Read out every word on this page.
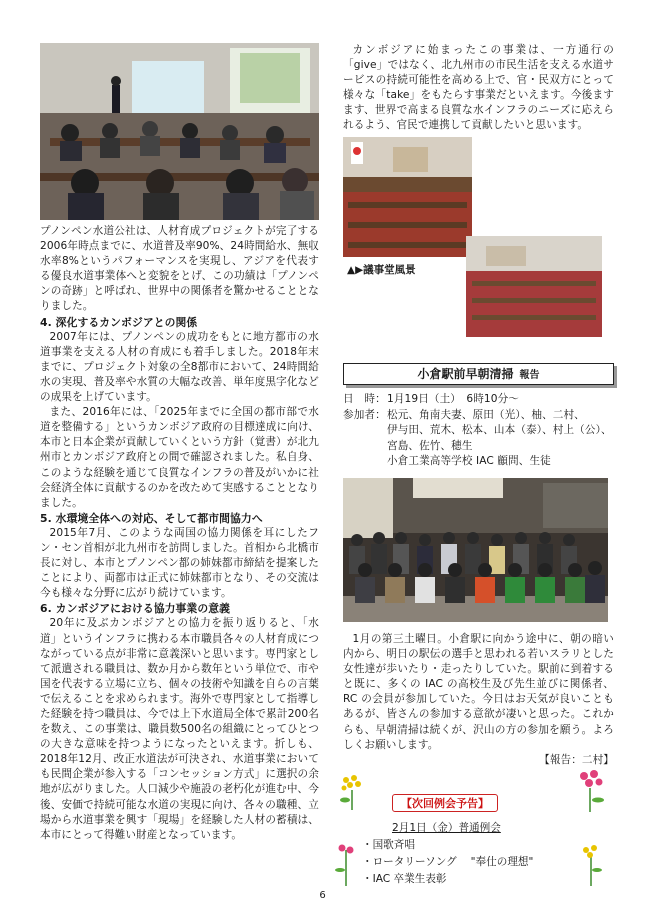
プノンペン水道公社は、人材育成プロジェクトが完了する2006年時点までに、水道普及率90%、24時間給水、無収水率8%というパフォーマンスを実現し、アジアを代表する優良水道事業体へと変貌をとげ、この功績は「プノンペンの奇跡」と呼ばれ、世界中の関係者を驚かせることとなりました。

4. 深化するカンボジアとの関係

2007年には、プノンペンの成功をもとに地方都市の水道事業を支える人材の育成にも着手しました。2018年末までに、プロジェクト対象の全8都市において、24時間給水の実現、普及率や水質の大幅な改善、単年度黒字化などの成果を上げています。

また、2016年には、「2025年までに全国の都市部で水道を整備する」というカンボジア政府の目標達成に向け、本市と日本企業が貢献していくという方針（覚書）が北九州市とカンボジア政府との間で確認されました。私自身、このような経験を通じて良質なインフラの普及がいかに社会経済全体に貢献するのかを改ためて実感することとなりました。

5. 水環境全体への対応、そして都市間協力へ

2015年7月、このような両国の協力関係を耳にしたフン・セン首相が北九州市を訪問しました。首相から北橋市長に対し、本市とプノンペン都の姉妹都市締結を提案したことにより、両都市は正式に姉妹都市となり、その交流は今も様々な分野に広がり続けています。

6. カンボジアにおける協力事業の意義

20年に及ぶカンボジアとの協力を振り返りると、「水道」というインフラに携わる本市職員各々の人材育成につながっている点が非常に意義深いと思います。専門家として派遣される職員は、数か月から数年という単位で、市や国を代表する立場に立ち、個々の技術や知識を自らの言葉で伝えることを求められます。海外で専門家として指導した経験を持つ職員は、今では上下水道局全体で累計200名を数え、この事業は、職員数500名の組織にとってひとつの大きな意味を持つようになったといえます。折しも、2018年12月、改正水道法が可決され、水道事業においても民間企業が参入する「コンセッション方式」に選択の余地が広がりました。人口減少や施設の老朽化が進む中、今後、安価で持続可能な水道の実現に向け、各々の職種、立場から水道事業を興す「現場」を経験した人材の蓄積は、本市にとって得難い財産となっています。

カンボジアに始まったこの事業は、一方通行の「give」ではなく、北九州市の市民生活を支える水道サービスの持続可能性を高める上で、官・民双方にとって様々な「take」をもたらす事業だといえます。今後ますます、世界で高まる良質な水インフラのニーズに応えられるよう、官民で連携して貢献したいと思います。

▲▶議事堂風景
小倉駅前早朝清掃 報告
日　時： 1月19日（土）　6時10分～
参加者： 松元、角南夫妻、原田（光）、柚、二村、
伊与田、荒木、松本、山本（泰）、村上（公）、
宮島、佐竹、穂生
小倉工業高等学校 IAC 顧問、生徒

1月の第三土曜日。小倉駅に向かう途中に、朝の暗い内から、明日の駅伝の選手と思われる若いスラリとした女性達が歩いたり・走ったりしていた。駅前に到着すると既に、多くの IAC の高校生及び先生並びに関係者、RC の会員が参加していた。今日はお天気が良いこともあるが、皆さんの参加する意欲が凄いと思った。これからも、早朝清掃は続くが、沢山の方の参加を願う。よろしくお願いします。

【報告：二村】
【次回例会予告】
2月1日（金）普通例会
・国歌斉唱
・ロータリーソング　 "奉仕の理想"
・IAC 卒業生表彰
6
